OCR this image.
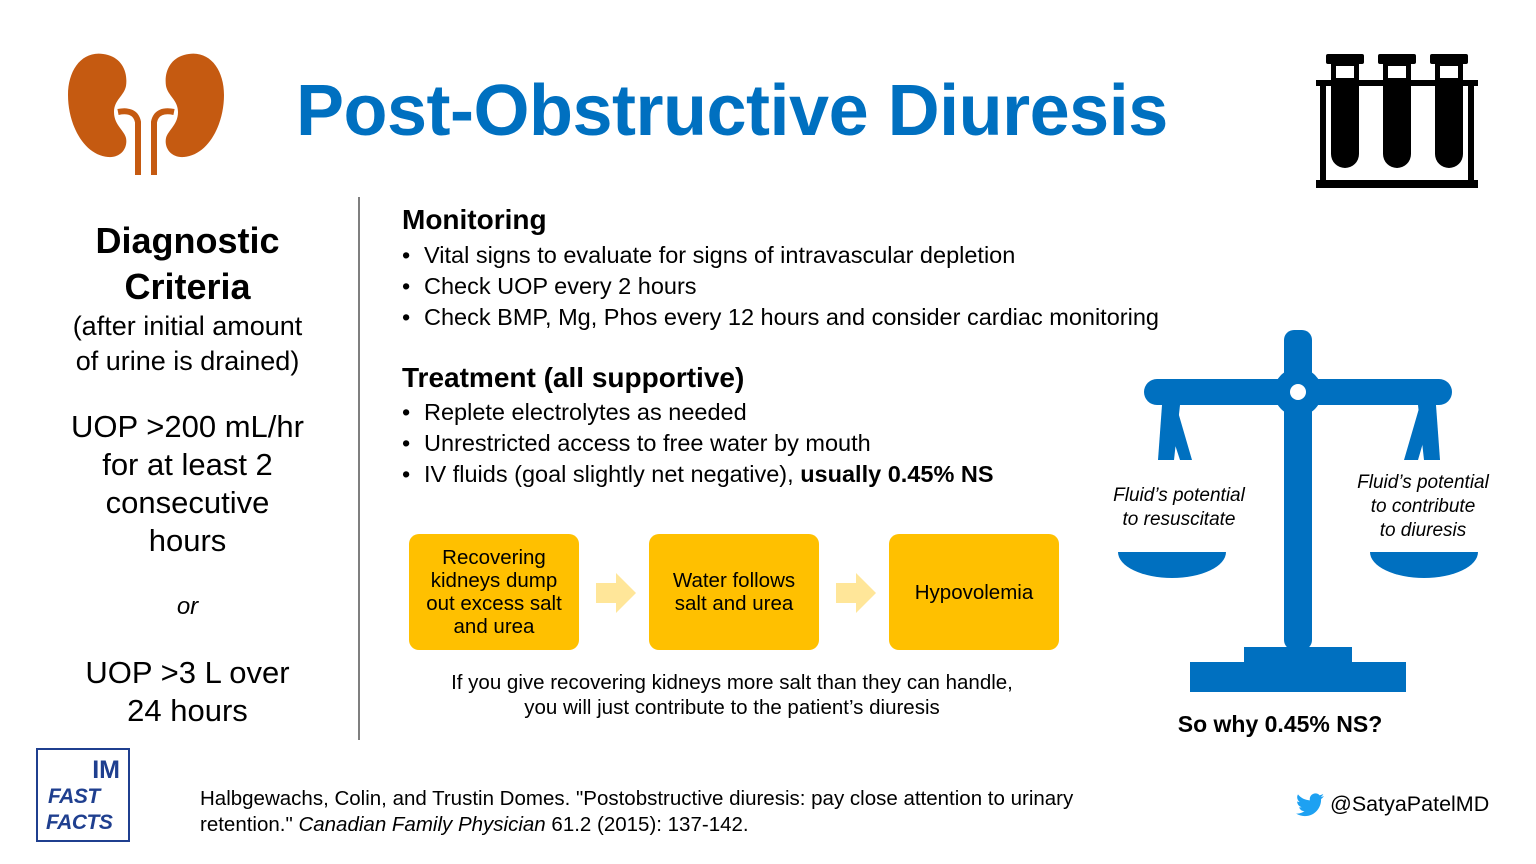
Post-Obstructive Diuresis
Diagnostic
Criteria
(after initial amount
of urine is drained)
UOP >200 mL/hr
for at least 2
consecutive
hours
or
UOP >3 L over
24 hours
Monitoring
• Vital signs to evaluate for signs of intravascular depletion
• Check UOP every 2 hours
• Check BMP, Mg, Phos every 12 hours and consider cardiac monitoring
Treatment (all supportive)
• Replete electrolytes as needed
• Unrestricted access to free water by mouth
• IV fluids (goal slightly net negative), usually 0.45% NS
Recovering
kidneys dump
out excess salt
and urea
Water follows
salt and urea	Hypovolemia
If you give recovering kidneys more salt than they can handle,
you will just contribute to the patient’s diuresis
Fluid’s potential
to resuscitate
Fluid’s potential
to contribute
to diuresis
So why 0.45% NS?
IM
FAST
FACTS
Halbgewachs, Colin, and Trustin Domes. "Postobstructive diuresis: pay close attention to urinary
retention." Canadian Family Physician 61.2 (2015): 137-142.
@SatyaPatelMD
